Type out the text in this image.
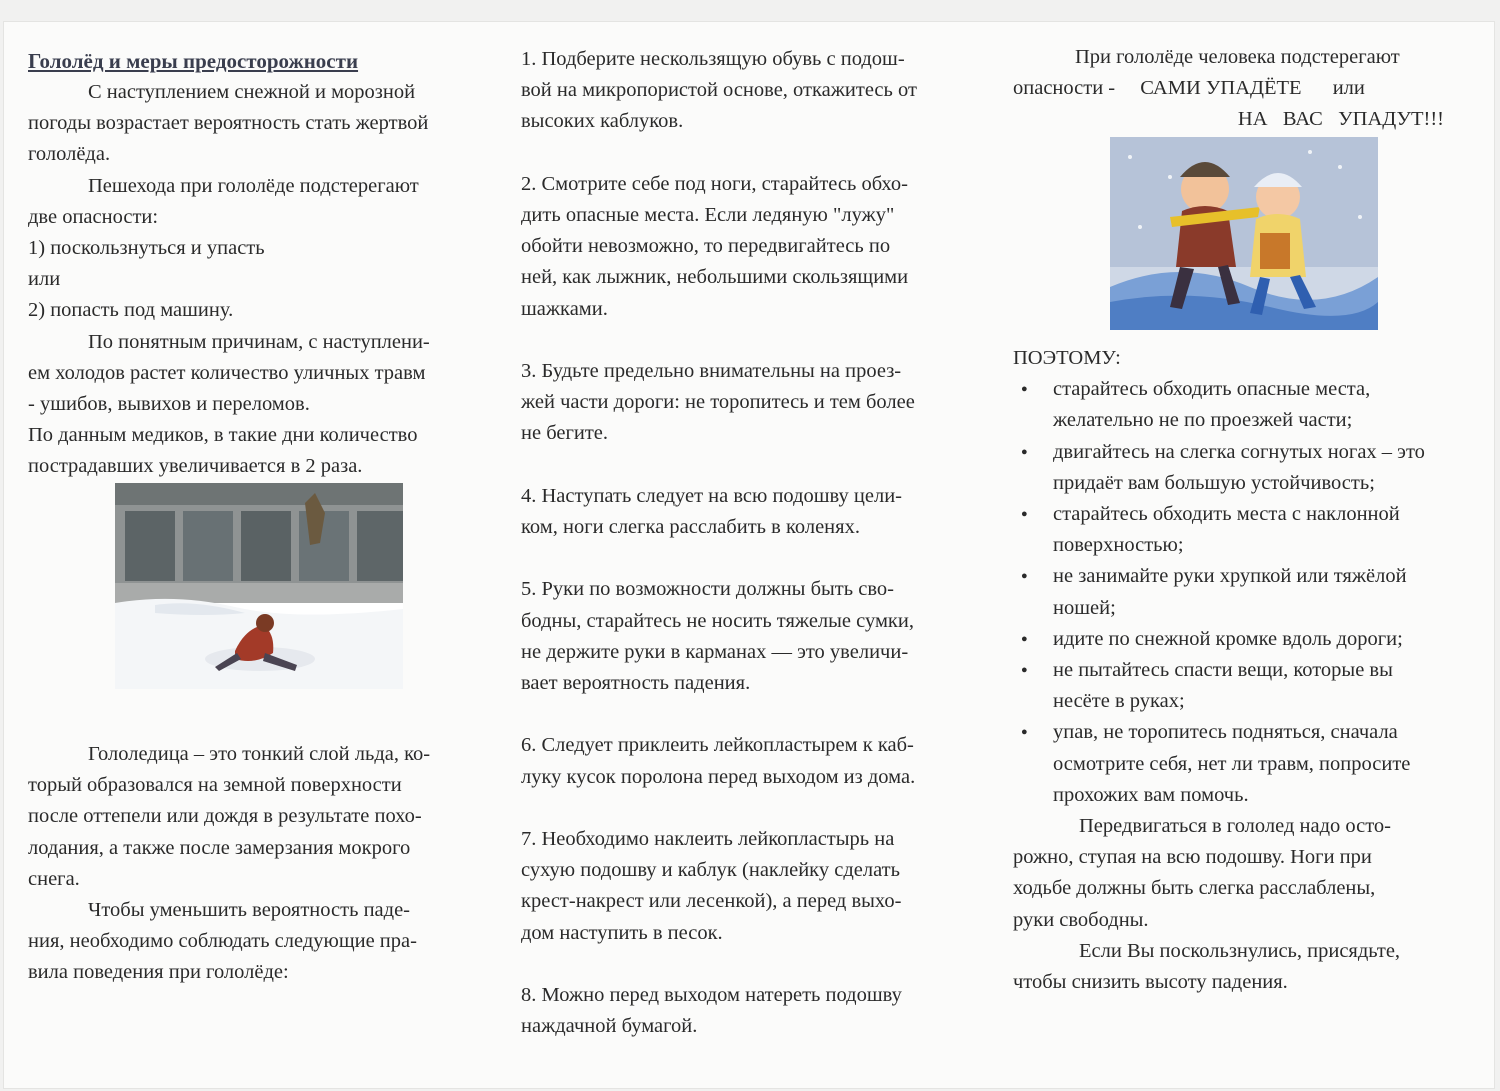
Гололёд и меры предосторожности

С наступлением снежной и морозной

погоды возрастает вероятность стать жертвой

гололёда.

Пешехода при гололёде подстерегают

две опасности:

1) поскользнуться и упасть

или

2) попасть под машину.

По понятным причинам, с наступлени-

ем холодов растет количество уличных травм

- ушибов, вывихов и переломов.

По данным медиков, в такие дни количество

пострадавших увеличивается в 2 раза.

Гололедица – это тонкий слой льда, ко-

торый образовался на земной поверхности

после оттепели или дождя в результате похо-

лодания, а также после замерзания мокрого

снега.

Чтобы уменьшить вероятность паде-

ния, необходимо соблюдать следующие пра-

вила поведения при гололёде:

1. Подберите нескользящую обувь с подош-

вой на микропористой основе, откажитесь от

высоких каблуков.

2. Смотрите себе под ноги, старайтесь обхо-

дить опасные места. Если ледяную "лужу"

обойти невозможно, то передвигайтесь по

ней, как лыжник, небольшими скользящими

шажками.

3. Будьте предельно внимательны на проез-

жей части дороги: не торопитесь и тем более

не бегите.

4. Наступать следует на всю подошву цели-

ком, ноги слегка расслабить в коленях.

5. Руки по возможности должны быть сво-

бодны, старайтесь не носить тяжелые сумки,

не держите руки в карманах — это увеличи-

вает вероятность падения.

6. Следует приклеить лейкопластырем к каб-

луку кусок поролона перед выходом из дома.

7. Необходимо наклеить лейкопластырь на

сухую подошву и каблук (наклейку сделать

крест-накрест или лесенкой), а перед выхо-

дом наступить в песок.

8. Можно перед выходом натереть подошву

наждачной бумагой.

При гололёде человека подстерегают

опасности - САМИ УПАДЁТЕ или

НА   ВАС   УПАДУТ!!!

ПОЭТОМУ:

● старайтесь обходить опасные места,
желательно не по проезжей части;
● двигайтесь на слегка согнутых ногах – это
придаёт вам большую устойчивость;
● старайтесь обходить места с наклонной
поверхностью;
● не занимайте руки хрупкой или тяжёлой
ношей;
● идите по снежной кромке вдоль дороги;
● не пытайтесь спасти вещи, которые вы
несёте в руках;
● упав, не торопитесь подняться, сначала
осмотрите себя, нет ли травм, попросите
прохожих вам помочь.

Передвигаться в гололед надо осто-

рожно, ступая на всю подошву. Ноги при

ходьбе должны быть слегка расслаблены,

руки свободны.

Если Вы поскользнулись, присядьте,

чтобы снизить высоту падения.
